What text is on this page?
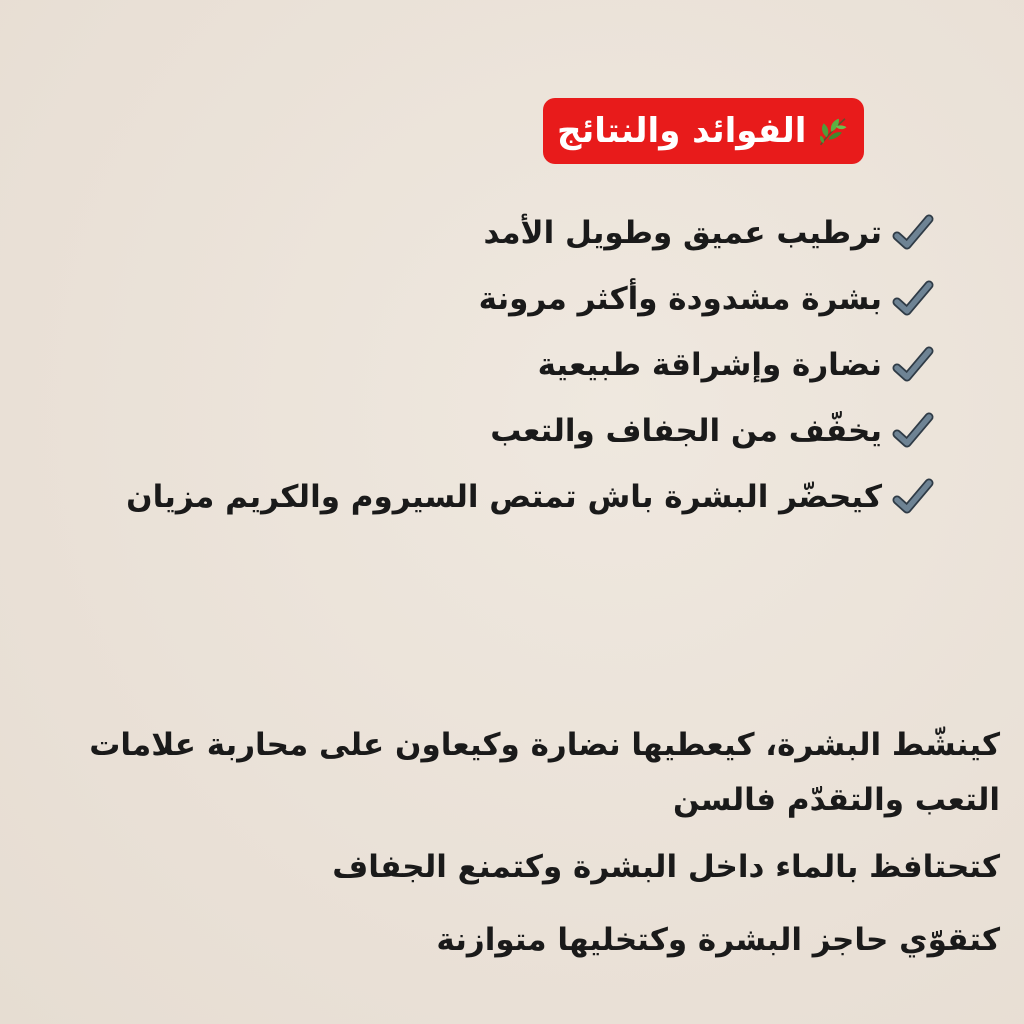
الفوائد والنتائج
ترطيب عميق وطويل الأمد
بشرة مشدودة وأكثر مرونة
نضارة وإشراقة طبيعية
يخفّف من الجفاف والتعب
كيحضّر البشرة باش تمتص السيروم والكريم مزيان
كينشّط البشرة، كيعطيها نضارة وكيعاون على محاربة علامات التعب والتقدّم فالسن
كتحتافظ بالماء داخل البشرة وكتمنع الجفاف
كتقوّي حاجز البشرة وكتخليها متوازنة
